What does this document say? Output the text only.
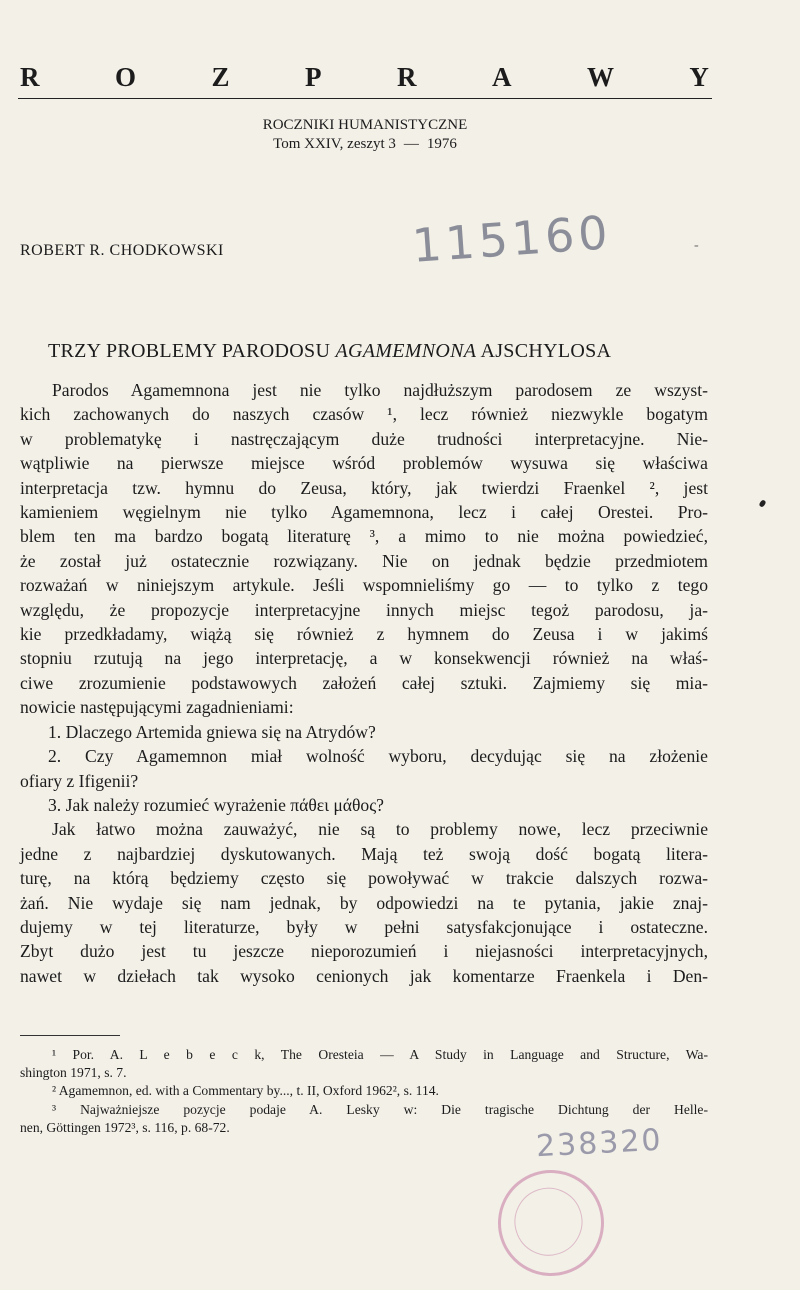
R	O	Z	P	R	A	W	Y
ROCZNIKI HUMANISTYCZNE
Tom XXIV, zeszyt 3 — 1976
ROBERT R. CHODKOWSKI	115160	-
TRZY PROBLEMY PARODOSU AGAMEMNONA AJSCHYLOSA

Parodos Agamemnona jest nie tylko najdłuższym parodosem ze wszyst-
kich zachowanych do naszych czasów ¹, lecz również niezwykle bogatym
w problematykę i nastręczającym duże trudności interpretacyjne. Nie-
wątpliwie na pierwsze miejsce wśród problemów wysuwa się właściwa
interpretacja tzw. hymnu do Zeusa, który, jak twierdzi Fraenkel ², jest
kamieniem węgielnym nie tylko Agamemnona, lecz i całej Orestei. Pro-
blem ten ma bardzo bogatą literaturę ³, a mimo to nie można powiedzieć,
że został już ostatecznie rozwiązany. Nie on jednak będzie przedmiotem
rozważań w niniejszym artykule. Jeśli wspomnieliśmy go — to tylko z tego
względu, że propozycje interpretacyjne innych miejsc tegoż parodosu, ja-
kie przedkładamy, wiążą się również z hymnem do Zeusa i w jakimś
stopniu rzutują na jego interpretację, a w konsekwencji również na właś-
ciwe zrozumienie podstawowych założeń całej sztuki. Zajmiemy się mia-
nowicie następującymi zagadnieniami:

1. Dlaczego Artemida gniewa się na Atrydów?

2. Czy Agamemnon miał wolność wyboru, decydując się na złożenie
ofiary z Ifigenii?

3. Jak należy rozumieć wyrażenie πάθει μάθος?

Jak łatwo można zauważyć, nie są to problemy nowe, lecz przeciwnie
jedne z najbardziej dyskutowanych. Mają też swoją dość bogatą litera-
turę, na którą będziemy często się powoływać w trakcie dalszych rozwa-
żań. Nie wydaje się nam jednak, by odpowiedzi na te pytania, jakie znaj-
dujemy w tej literaturze, były w pełni satysfakcjonujące i ostateczne.
Zbyt dużo jest tu jeszcze nieporozumień i niejasności interpretacyjnych,
nawet w dziełach tak wysoko cenionych jak komentarze Fraenkela i Den-

¹ Por. A. L e b e c k, The Oresteia — A Study in Language and Structure, Wa-
shington 1971, s. 7.
² Agamemnon, ed. with a Commentary by..., t. II, Oxford 1962², s. 114.
³ Najważniejsze pozycje podaje A. Lesky w: Die tragische Dichtung der Helle-
nen, Göttingen 1972³, s. 116, p. 68-72.	238320
